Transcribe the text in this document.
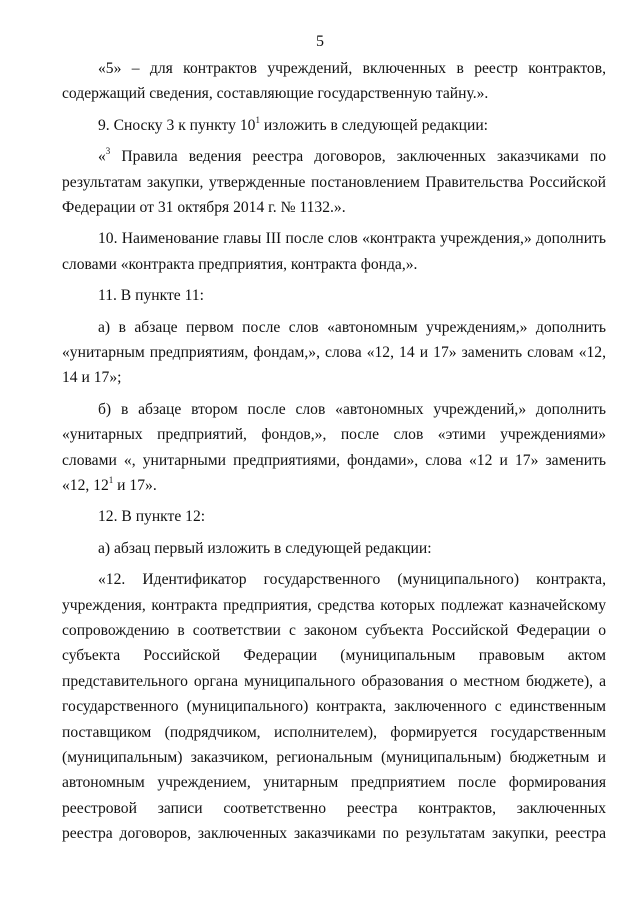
5
«5» – для контрактов учреждений, включенных в реестр контрактов,
содержащий сведения, составляющие государственную тайну.».
9. Сноску 3 к пункту $10^1$ изложить в следующей редакции:
«$^3$ Правила ведения реестра договоров, заключенных заказчиками по
результатам закупки, утвержденные постановлением Правительства Российской
Федерации от 31 октября 2014 г. № 1132.».
10. Наименование главы III после слов «контракта учреждения,» дополнить
словами «контракта предприятия, контракта фонда,».
11. В пункте 11:
а) в абзаце первом после слов «автономным учреждениям,» дополнить
«унитарным предприятиям, фондам,», слова «12, 14 и 17» заменить словам «12,
14 и 17»;
б) в абзаце втором после слов «автономных учреждений,» дополнить
«унитарных предприятий, фондов,», после слов «этими учреждениями»
словами «, унитарными предприятиями, фондами», слова «12 и 17» заменить
«12, $12^1$ и 17».
12. В пункте 12:
а) абзац первый изложить в следующей редакции:
«12. Идентификатор государственного (муниципального) контракта,
учреждения, контракта предприятия, средства которых подлежат казначейскому
сопровождению в соответствии с законом субъекта Российской Федерации о
субъекта Российской Федерации (муниципальным правовым актом
представительного органа муниципального образования о местном бюджете), а
государственного (муниципального) контракта, заключенного с единственным
поставщиком (подрядчиком, исполнителем), формируется государственным
(муниципальным) заказчиком, региональным (муниципальным) бюджетным и
автономным учреждением, унитарным предприятием после формирования
реестровой записи соответственно реестра контрактов, заключенных
реестра договоров, заключенных заказчиками по результатам закупки, реестра
